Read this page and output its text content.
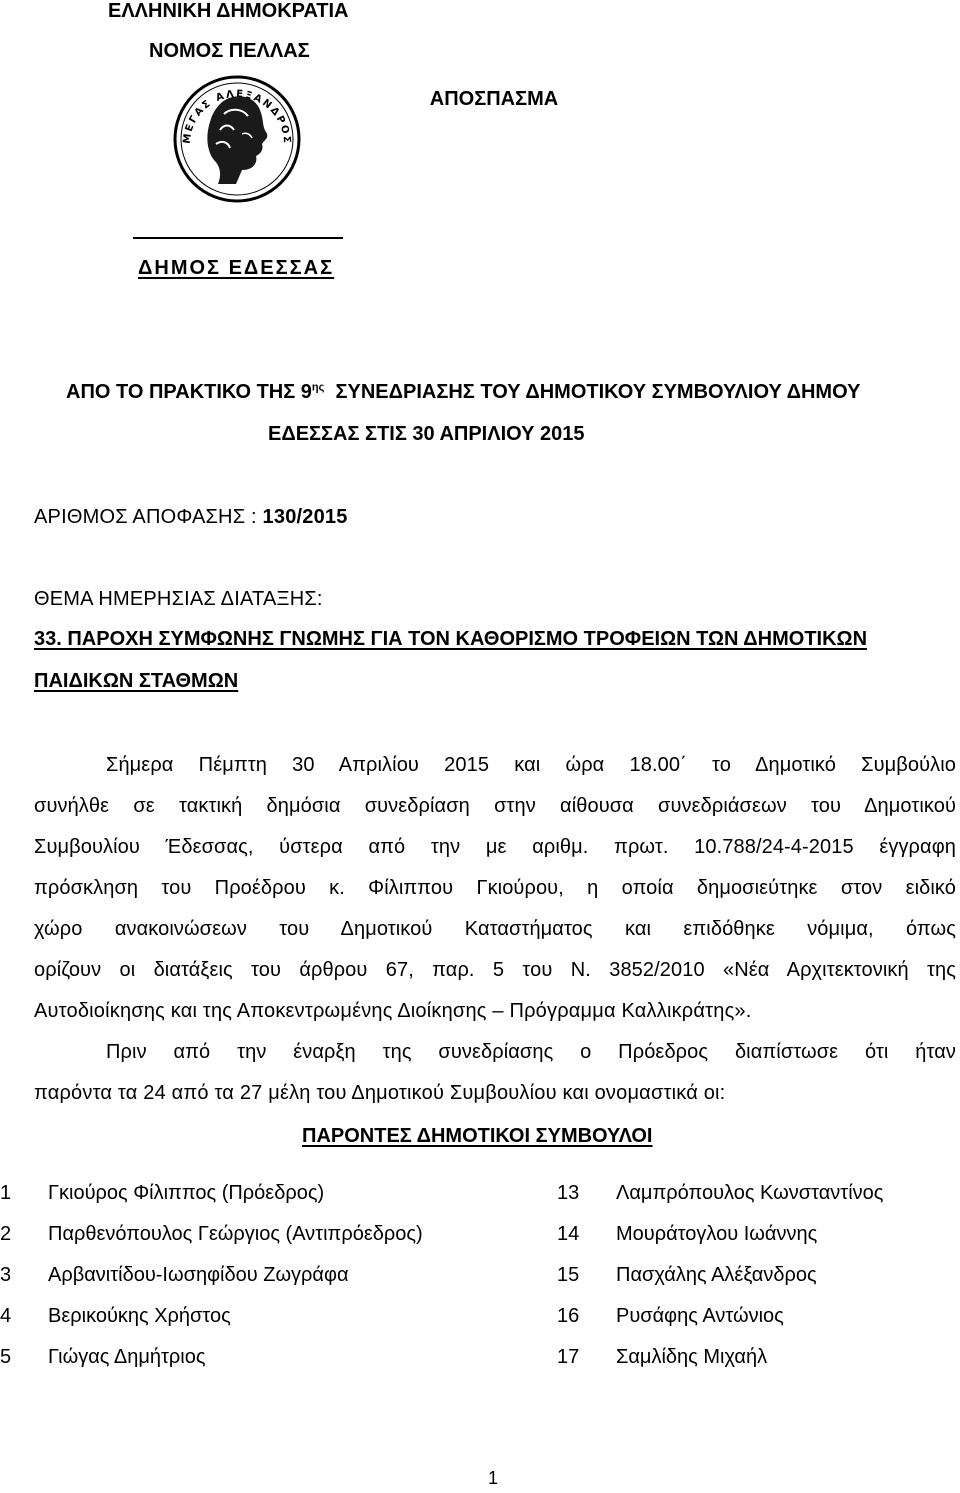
ΕΛΛΗΝΙΚΗ ΔΗΜΟΚΡΑΤΙΑ
ΝΟΜΟΣ ΠΕΛΛΑΣ
ΜΕΓΑΣ ΑΛΕΞΑΝΔΡΟΣ
ΔΗΜΟΣ ΕΔΕΣΣΑΣ
ΑΠΟΣΠΑΣΜΑ
ΑΠΟ ΤΟ ΠΡΑΚΤΙΚΟ ΤΗΣ $9^{\eta\varsigma}$ ΣΥΝΕΔΡΙΑΣΗΣ ΤΟΥ ΔΗΜΟΤΙΚΟΥ ΣΥΜΒΟΥΛΙΟΥ ΔΗΜΟΥ
ΕΔΕΣΣΑΣ ΣΤΙΣ 30 ΑΠΡΙΛΙΟΥ 2015
ΑΡΙΘΜΟΣ ΑΠΟΦΑΣΗΣ : 130/2015
ΘΕΜΑ ΗΜΕΡΗΣΙΑΣ ΔΙΑΤΑΞΗΣ:
33. ΠΑΡΟΧΗ ΣΥΜΦΩΝΗΣ ΓΝΩΜΗΣ ΓΙΑ ΤΟΝ ΚΑΘΟΡΙΣΜΟ ΤΡΟΦΕΙΩΝ ΤΩΝ ΔΗΜΟΤΙΚΩΝ
ΠΑΙΔΙΚΩΝ ΣΤΑΘΜΩΝ
Σήμερα Πέμπτη 30 Απριλίου 2015 και ώρα 18.00΄ το Δημοτικό Συμβούλιο
συνήλθε σε τακτική δημόσια συνεδρίαση στην αίθουσα συνεδριάσεων του Δημοτικού
Συμβουλίου Έδεσσας, ύστερα από την με αριθμ. πρωτ. 10.788/24-4-2015 έγγραφη
πρόσκληση του Προέδρου κ. Φίλιππου Γκιούρου, η οποία δημοσιεύτηκε στον ειδικό
χώρο ανακοινώσεων του Δημοτικού Καταστήματος και επιδόθηκε νόμιμα, όπως
ορίζουν οι διατάξεις του άρθρου 67, παρ. 5 του Ν. 3852/2010 «Νέα Αρχιτεκτονική της
Αυτοδιοίκησης και της Αποκεντρωμένης Διοίκησης – Πρόγραμμα Καλλικράτης».
Πριν από την έναρξη της συνεδρίασης ο Πρόεδρος διαπίστωσε ότι ήταν
παρόντα τα 24 από τα 27 μέλη του Δημοτικού Συμβουλίου και ονομαστικά οι:
ΠΑΡΟΝΤΕΣ ΔΗΜΟΤΙΚΟΙ ΣΥΜΒΟΥΛΟΙ
1 Γκιούρος Φίλιππος (Πρόεδρος)
2 Παρθενόπουλος Γεώργιος (Αντιπρόεδρος)
3 Αρβανιτίδου-Ιωσηφίδου Ζωγράφα
4 Βερικούκης Χρήστος
5 Γιώγας Δημήτριος
13 Λαμπρόπουλος Κωνσταντίνος
14 Μουράτογλου Ιωάννης
15 Πασχάλης Αλέξανδρος
16 Ρυσάφης Αντώνιος
17 Σαμλίδης Μιχαήλ
1
